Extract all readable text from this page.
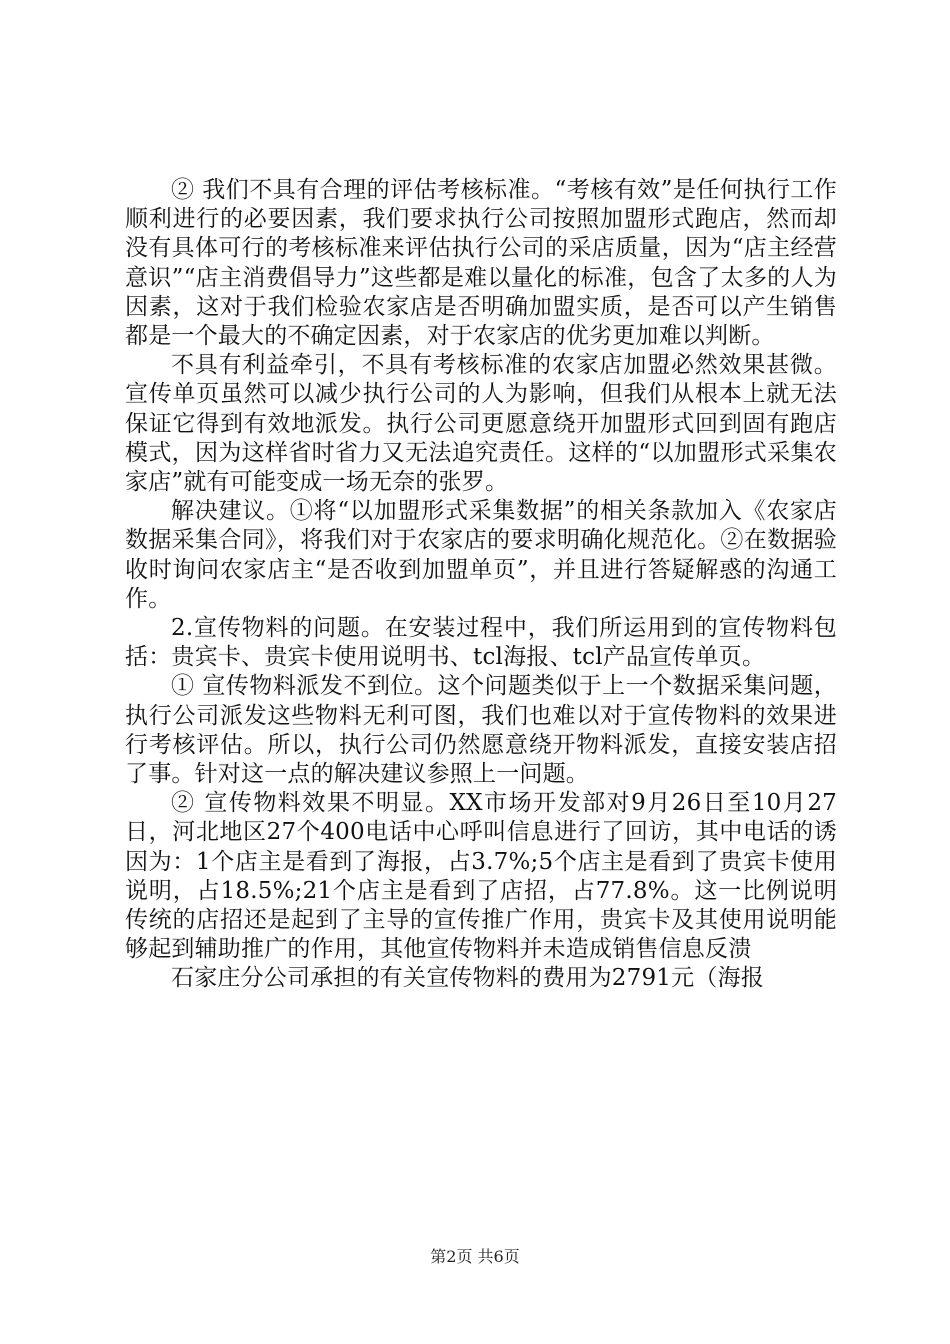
② 我们不具有合理的评估考核标准。“考核有效”是任何执行工作顺利进行的必要因素，我们要求执行公司按照加盟形式跑店，然而却没有具体可行的考核标准来评估执行公司的采店质量，因为“店主经营意识”“店主消费倡导力”这些都是难以量化的标准，包含了太多的人为因素，这对于我们检验农家店是否明确加盟实质，是否可以产生销售都是一个最大的不确定因素，对于农家店的优劣更加难以判断。

不具有利益牵引，不具有考核标准的农家店加盟必然效果甚微。宣传单页虽然可以减少执行公司的人为影响，但我们从根本上就无法保证它得到有效地派发。执行公司更愿意绕开加盟形式回到固有跑店模式，因为这样省时省力又无法追究责任。这样的“以加盟形式采集农家店”就有可能变成一场无奈的张罗。

解决建议。①将“以加盟形式采集数据”的相关条款加入《农家店数据采集合同》，将我们对于农家店的要求明确化规范化。②在数据验收时询问农家店主“是否收到加盟单页”，并且进行答疑解惑的沟通工作。

2.宣传物料的问题。在安装过程中，我们所运用到的宣传物料包括：贵宾卡、贵宾卡使用说明书、tcl海报、tcl产品宣传单页。

① 宣传物料派发不到位。这个问题类似于上一个数据采集问题，执行公司派发这些物料无利可图，我们也难以对于宣传物料的效果进行考核评估。所以，执行公司仍然愿意绕开物料派发，直接安装店招了事。针对这一点的解决建议参照上一问题。

② 宣传物料效果不明显。XX市场开发部对9月26日至10月27日，河北地区27个400电话中心呼叫信息进行了回访，其中电话的诱因为：1个店主是看到了海报，占3.7%;5个店主是看到了贵宾卡使用说明，占18.5%;21个店主是看到了店招，占77.8%。这一比例说明传统的店招还是起到了主导的宣传推广作用，贵宾卡及其使用说明能够起到辅助推广的作用，其他宣传物料并未造成销售信息反溃

石家庄分公司承担的有关宣传物料的费用为2791元（海报

第2页 共6页
